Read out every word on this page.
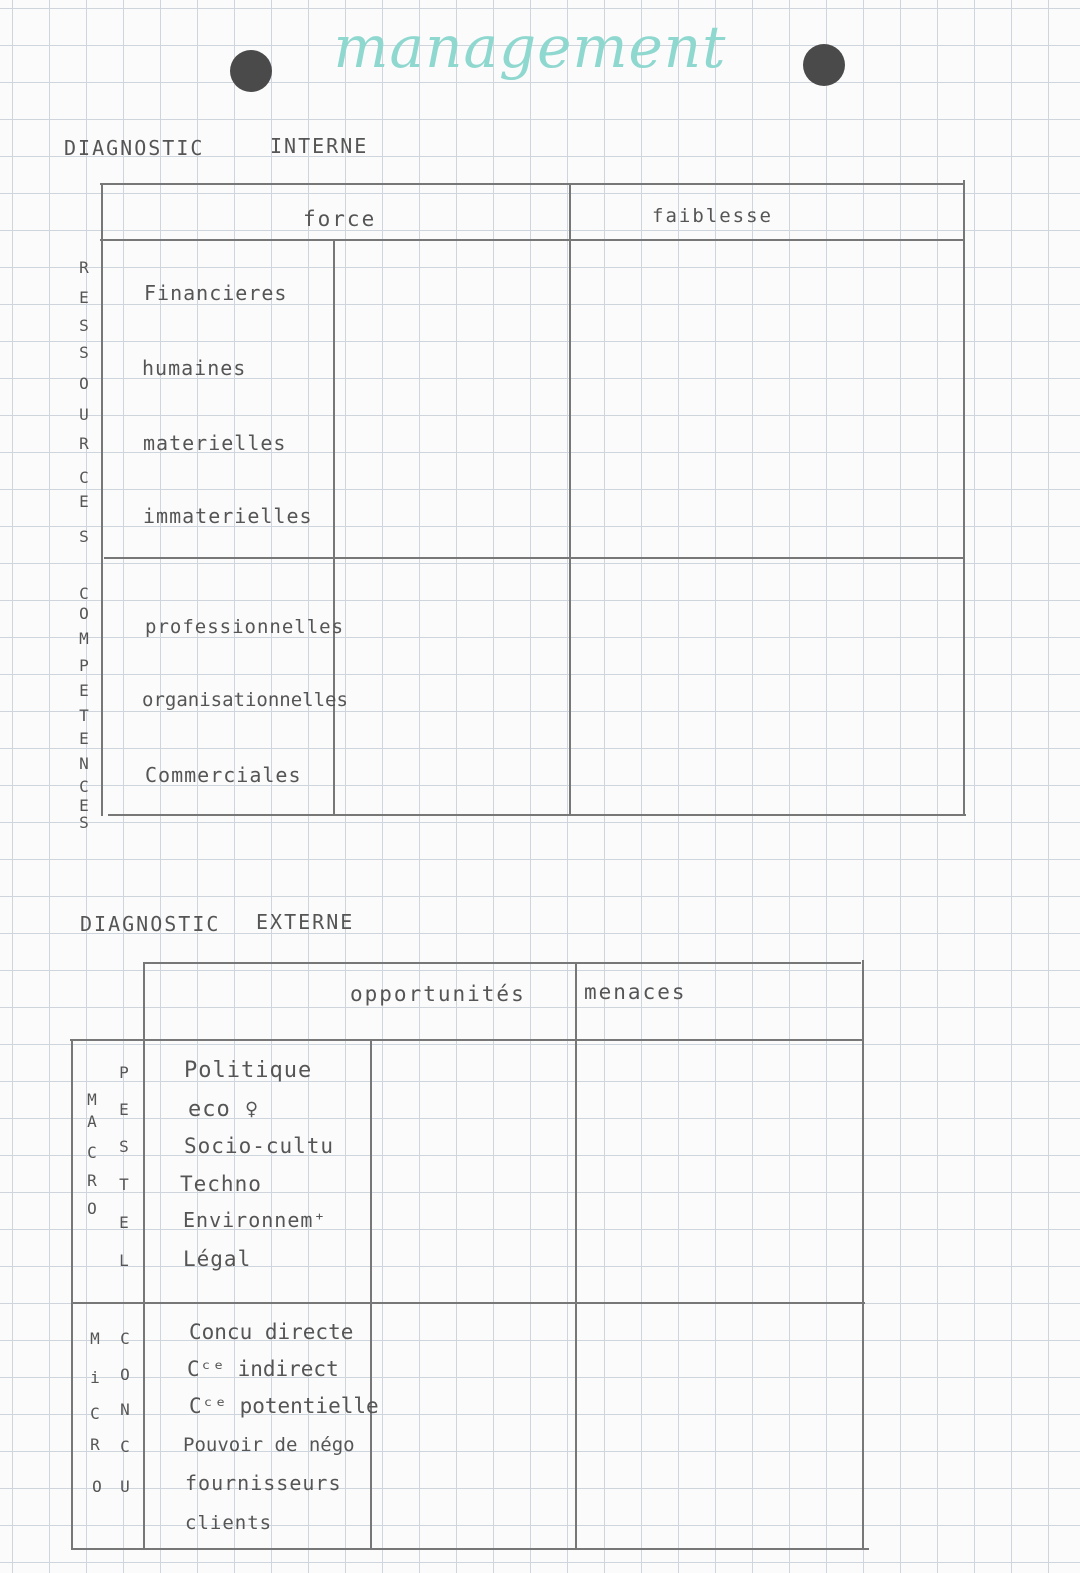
management
DIAGNOSTIC	INTERNE
force	faiblesse
R
E
S
S
O
U
R
C
E
S
Financieres
humaines
materielles
immaterielles
C
O
M
P
E
T
E
N
C
E
S
professionnelles
organisationnelles
Commerciales
DIAGNOSTIC EXTERNE
opportunités	menaces
M
A
C
R
O
P
E
S
T
E
L
Politique
eco ♀
Socio-cultu
Techno
Environnem⁺
Légal
M
i
C
R
O
C
O
N
C
U
Concu directe
Cᶜᵉ indirect
Cᶜᵉ potentielle
Pouvoir de négo
fournisseurs
clients
